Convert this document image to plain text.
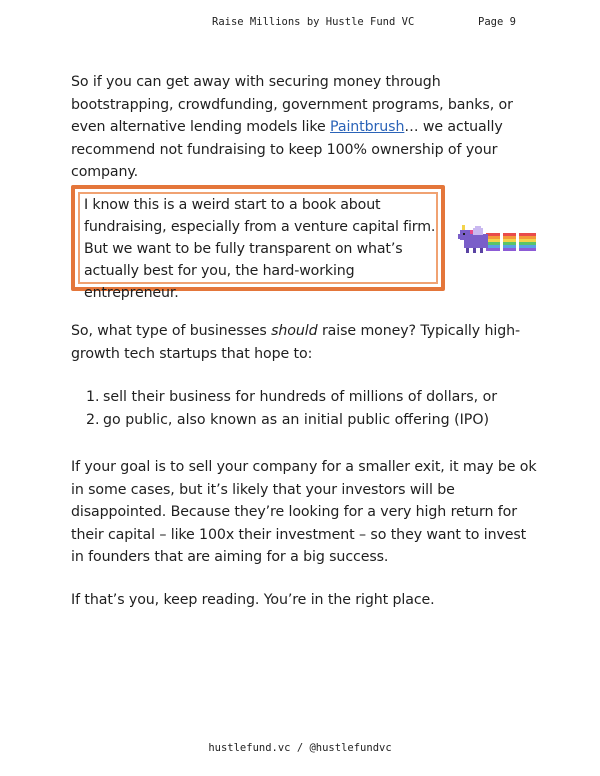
Raise Millions by Hustle Fund VC	Page 9

So if you can get away with securing money through bootstrapping, crowdfunding, government programs, banks, or even alternative lending models like Paintbrush… we actually recommend not fundraising to keep 100% ownership of your company.

I know this is a weird start to a book about fundraising, especially from a venture capital firm. But we want to be fully transparent on what’s actually best for you, the hard-working entrepreneur.

So, what type of businesses should raise money? Typically high-growth tech startups that hope to:

1. sell their business for hundreds of millions of dollars, or
2. go public, also known as an initial public offering (IPO)

If your goal is to sell your company for a smaller exit, it may be ok in some cases, but it’s likely that your investors will be disappointed. Because they’re looking for a very high return for their capital – like 100x their investment – so they want to invest in founders that are aiming for a big success.

If that’s you, keep reading. You’re in the right place.

hustlefund.vc / @hustlefundvc
